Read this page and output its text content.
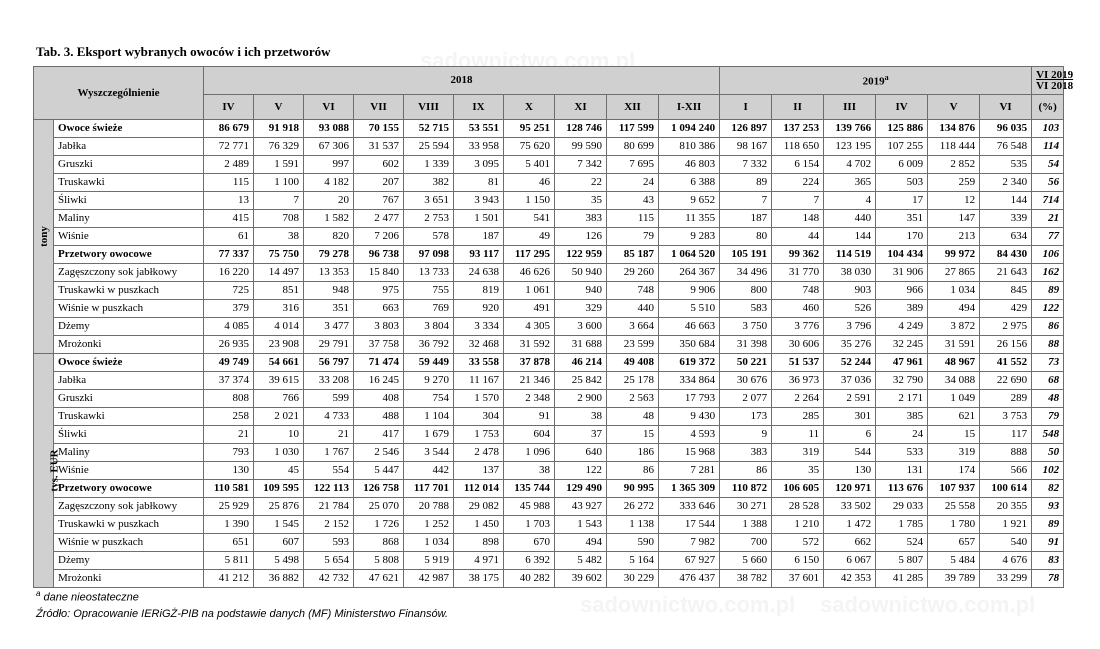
sadownictwo.com.pl
sadownictwo.com.pl sadownictwo.com.pl
Tab. 3. Eksport wybranych owoców i ich przetworów
Wyszczególnienie		2018										2019$^a$						VI 2019
VI 2018

		IV	V	VI	VII	VIII	IX	X	XI	XII	I-XII	I	II	III	IV	V	VI	(%)
tony	Owoce świeże	86 679	91 918	93 088	70 155	52 715	53 551	95 251	128 746	117 599	1 094 240	126 897	137 253	139 766	125 886	134 876	96 035	103
	Jabłka	72 771	76 329	67 306	31 537	25 594	33 958	75 620	99 590	80 699	810 386	98 167	118 650	123 195	107 255	118 444	76 548	114
	Gruszki	2 489	1 591	997	602	1 339	3 095	5 401	7 342	7 695	46 803	7 332	6 154	4 702	6 009	2 852	535	54
	Truskawki	115	1 100	4 182	207	382	81	46	22	24	6 388	89	224	365	503	259	2 340	56
	Śliwki	13	7	20	767	3 651	3 943	1 150	35	43	9 652	7	7	4	17	12	144	714
	Maliny	415	708	1 582	2 477	2 753	1 501	541	383	115	11 355	187	148	440	351	147	339	21
	Wiśnie	61	38	820	7 206	578	187	49	126	79	9 283	80	44	144	170	213	634	77
	Przetwory owocowe	77 337	75 750	79 278	96 738	97 098	93 117	117 295	122 959	85 187	1 064 520	105 191	99 362	114 519	104 434	99 972	84 430	106
	Zagęszczony sok jabłkowy	16 220	14 497	13 353	15 840	13 733	24 638	46 626	50 940	29 260	264 367	34 496	31 770	38 030	31 906	27 865	21 643	162
	Truskawki w puszkach	725	851	948	975	755	819	1 061	940	748	9 906	800	748	903	966	1 034	845	89
	Wiśnie w puszkach	379	316	351	663	769	920	491	329	440	5 510	583	460	526	389	494	429	122
	Dżemy	4 085	4 014	3 477	3 803	3 804	3 334	4 305	3 600	3 664	46 663	3 750	3 776	3 796	4 249	3 872	2 975	86
	Mrożonki	26 935	23 908	29 791	37 758	36 792	32 468	31 592	31 688	23 599	350 684	31 398	30 606	35 276	32 245	31 591	26 156	88
tys. EUR	Owoce świeże	49 749	54 661	56 797	71 474	59 449	33 558	37 878	46 214	49 408	619 372	50 221	51 537	52 244	47 961	48 967	41 552	73
	Jabłka	37 374	39 615	33 208	16 245	9 270	11 167	21 346	25 842	25 178	334 864	30 676	36 973	37 036	32 790	34 088	22 690	68
	Gruszki	808	766	599	408	754	1 570	2 348	2 900	2 563	17 793	2 077	2 264	2 591	2 171	1 049	289	48
	Truskawki	258	2 021	4 733	488	1 104	304	91	38	48	9 430	173	285	301	385	621	3 753	79
	Śliwki	21	10	21	417	1 679	1 753	604	37	15	4 593	9	11	6	24	15	117	548
	Maliny	793	1 030	1 767	2 546	3 544	2 478	1 096	640	186	15 968	383	319	544	533	319	888	50
	Wiśnie	130	45	554	5 447	442	137	38	122	86	7 281	86	35	130	131	174	566	102
	Przetwory owocowe	110 581	109 595	122 113	126 758	117 701	112 014	135 744	129 490	90 995	1 365 309	110 872	106 605	120 971	113 676	107 937	100 614	82
	Zagęszczony sok jabłkowy	25 929	25 876	21 784	25 070	20 788	29 082	45 988	43 927	26 272	333 646	30 271	28 528	33 502	29 033	25 558	20 355	93
	Truskawki w puszkach	1 390	1 545	2 152	1 726	1 252	1 450	1 703	1 543	1 138	17 544	1 388	1 210	1 472	1 785	1 780	1 921	89
	Wiśnie w puszkach	651	607	593	868	1 034	898	670	494	590	7 982	700	572	662	524	657	540	91
	Dżemy	5 811	5 498	5 654	5 808	5 919	4 971	6 392	5 482	5 164	67 927	5 660	6 150	6 067	5 807	5 484	4 676	83
	Mrożonki	41 212	36 882	42 732	47 621	42 987	38 175	40 282	39 602	30 229	476 437	38 782	37 601	42 353	41 285	39 789	33 299	78
$^a$ dane nieostateczne
Źródło: Opracowanie IERiGŻ-PIB na podstawie danych (MF) Ministerstwo Finansów.
